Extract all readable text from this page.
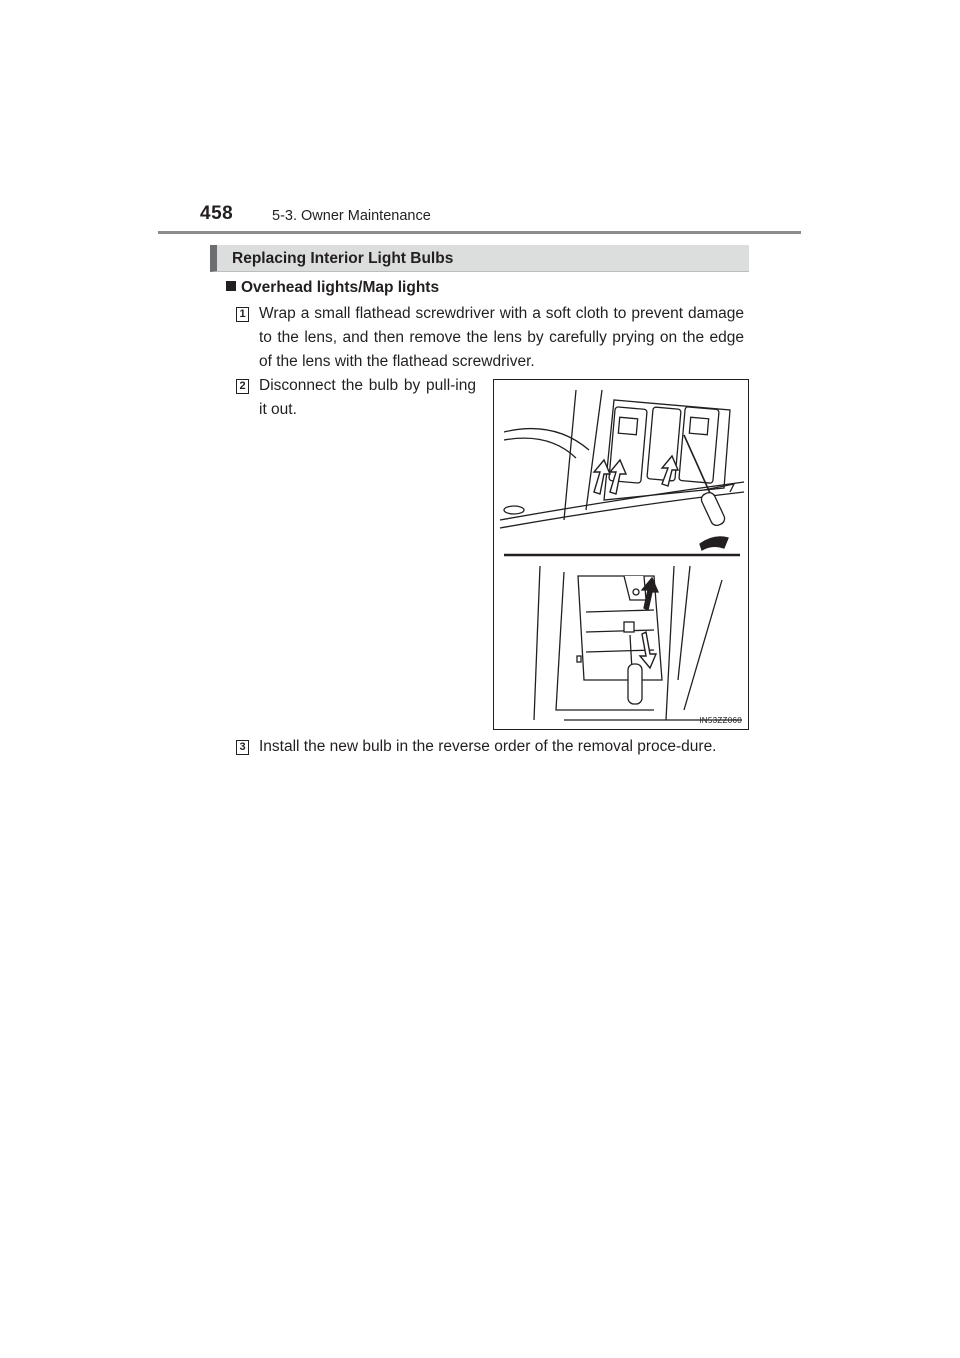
458	5-3. Owner Maintenance
Replacing Interior Light Bulbs
Overhead lights/Map lights
1 Wrap a small flathead screwdriver with a soft cloth to prevent damage to the lens, and then remove the lens by carefully prying on the edge of the lens with the flathead screwdriver.
2 Disconnect the bulb by pull-ing it out.
IN53ZZ060
3 Install the new bulb in the reverse order of the removal proce-dure.
